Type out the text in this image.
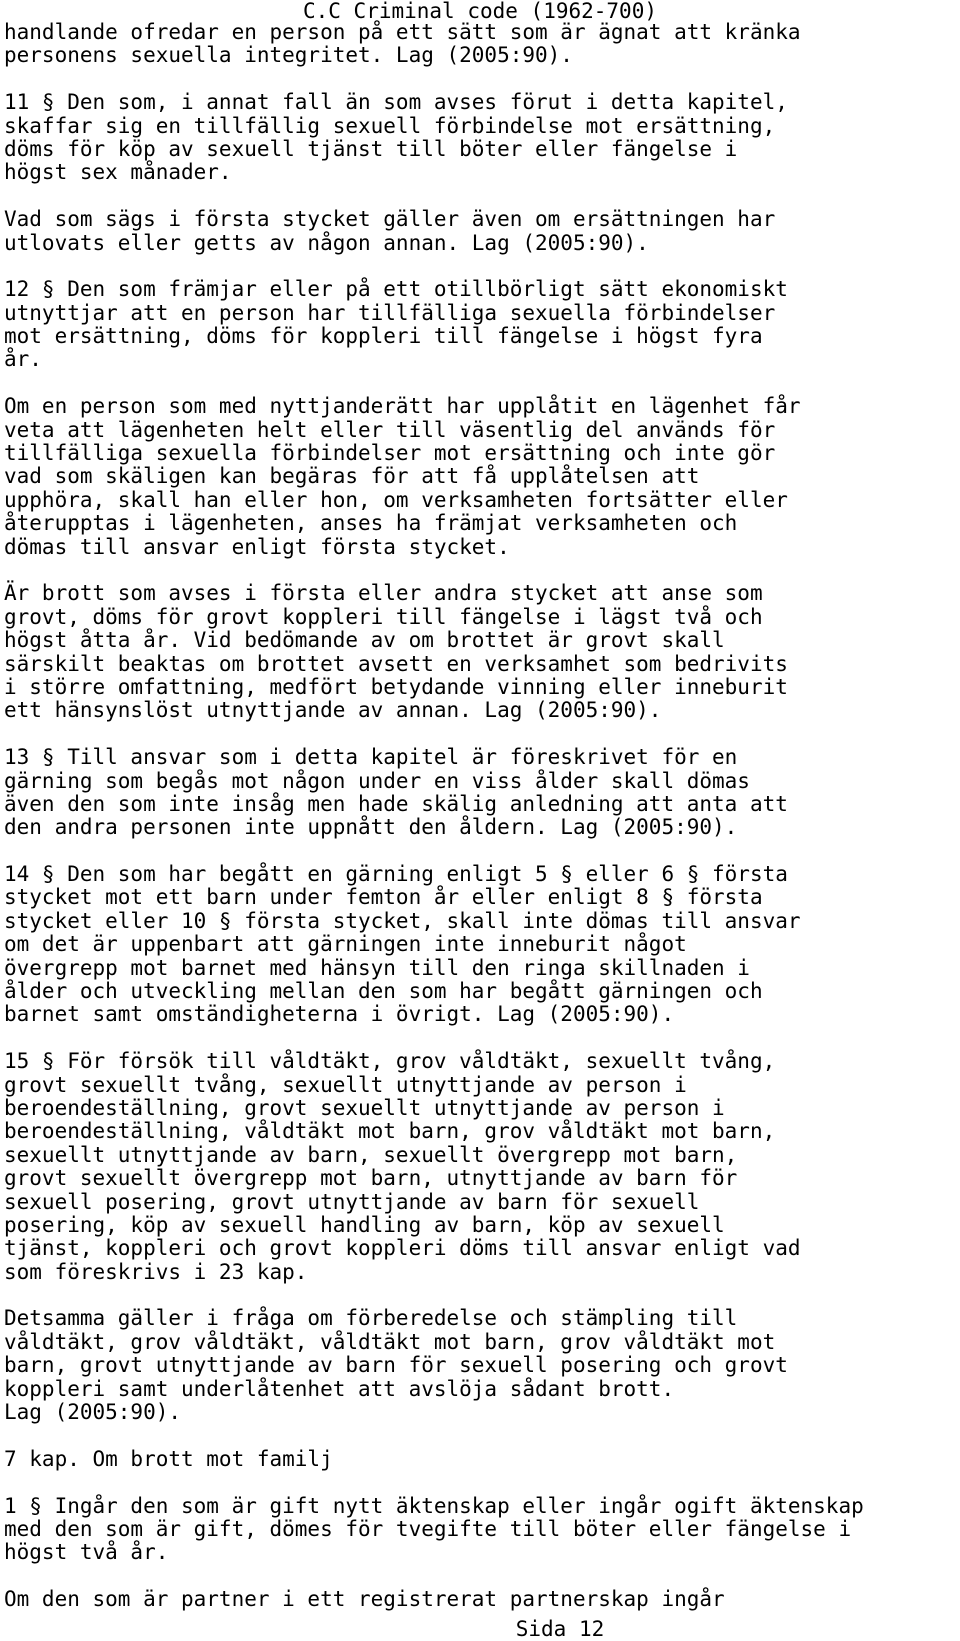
C.C Criminal code (1962-700)
handlande ofredar en person på ett sätt som är ägnat att kränka
personens sexuella integritet. Lag (2005:90).
11 § Den som, i annat fall än som avses förut i detta kapitel,
skaffar sig en tillfällig sexuell förbindelse mot ersättning,
döms för köp av sexuell tjänst till böter eller fängelse i
högst sex månader.
Vad som sägs i första stycket gäller även om ersättningen har
utlovats eller getts av någon annan. Lag (2005:90).
12 § Den som främjar eller på ett otillbörligt sätt ekonomiskt
utnyttjar att en person har tillfälliga sexuella förbindelser
mot ersättning, döms för koppleri till fängelse i högst fyra
år.
Om en person som med nyttjanderätt har upplåtit en lägenhet får
veta att lägenheten helt eller till väsentlig del används för
tillfälliga sexuella förbindelser mot ersättning och inte gör
vad som skäligen kan begäras för att få upplåtelsen att
upphöra, skall han eller hon, om verksamheten fortsätter eller
återupptas i lägenheten, anses ha främjat verksamheten och
dömas till ansvar enligt första stycket.
Är brott som avses i första eller andra stycket att anse som
grovt, döms för grovt koppleri till fängelse i lägst två och
högst åtta år. Vid bedömande av om brottet är grovt skall
särskilt beaktas om brottet avsett en verksamhet som bedrivits
i större omfattning, medfört betydande vinning eller inneburit
ett hänsynslöst utnyttjande av annan. Lag (2005:90).
13 § Till ansvar som i detta kapitel är föreskrivet för en
gärning som begås mot någon under en viss ålder skall dömas
även den som inte insåg men hade skälig anledning att anta att
den andra personen inte uppnått den åldern. Lag (2005:90).
14 § Den som har begått en gärning enligt 5 § eller 6 § första
stycket mot ett barn under femton år eller enligt 8 § första
stycket eller 10 § första stycket, skall inte dömas till ansvar
om det är uppenbart att gärningen inte inneburit något
övergrepp mot barnet med hänsyn till den ringa skillnaden i
ålder och utveckling mellan den som har begått gärningen och
barnet samt omständigheterna i övrigt. Lag (2005:90).
15 § För försök till våldtäkt, grov våldtäkt, sexuellt tvång,
grovt sexuellt tvång, sexuellt utnyttjande av person i
beroendeställning, grovt sexuellt utnyttjande av person i
beroendeställning, våldtäkt mot barn, grov våldtäkt mot barn,
sexuellt utnyttjande av barn, sexuellt övergrepp mot barn,
grovt sexuellt övergrepp mot barn, utnyttjande av barn för
sexuell posering, grovt utnyttjande av barn för sexuell
posering, köp av sexuell handling av barn, köp av sexuell
tjänst, koppleri och grovt koppleri döms till ansvar enligt vad
som föreskrivs i 23 kap.
Detsamma gäller i fråga om förberedelse och stämpling till
våldtäkt, grov våldtäkt, våldtäkt mot barn, grov våldtäkt mot
barn, grovt utnyttjande av barn för sexuell posering och grovt
koppleri samt underlåtenhet att avslöja sådant brott.
Lag (2005:90).
7 kap. Om brott mot familj
1 § Ingår den som är gift nytt äktenskap eller ingår ogift äktenskap
med den som är gift, dömes för tvegifte till böter eller fängelse i
högst två år.
Om den som är partner i ett registrerat partnerskap ingår
Sida 12
